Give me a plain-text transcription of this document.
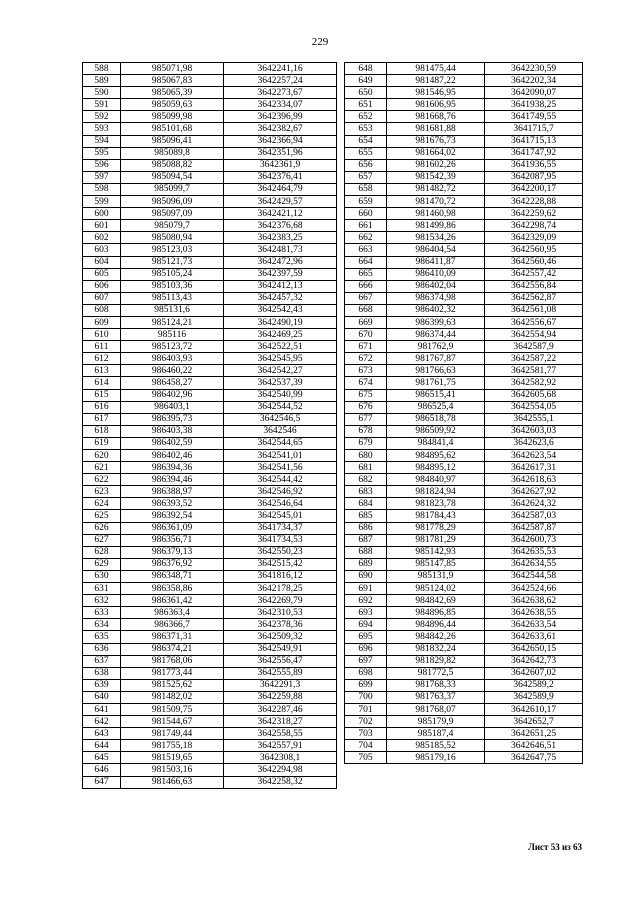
229
588	985071,98	3642241,16
589	985067,83	3642257,24
590	985065,39	3642273,67
591	985059,63	3642334,07
592	985099,98	3642396,99
593	985101,68	3642382,67
594	985096,41	3642366,94
595	985089,8	3642351,96
596	985088,82	3642361,9
597	985094,54	3642376,41
598	985099,7	3642464,79
599	985096,09	3642429,57
600	985097,09	3642421,12
601	985079,7	3642376,68
602	985080,94	3642383,25
603	985123,03	3642481,73
604	985121,73	3642472,96
605	985105,24	3642397,59
606	985103,36	3642412,13
607	985113,43	3642457,32
608	985131,6	3642542,43
609	985124,21	3642490,19
610	985116	3642469,25
611	985123,72	3642522,51
612	986403,93	3642545,95
613	986460,22	3642542,27
614	986458,27	3642537,39
615	986402,96	3642540,99
616	986403,1	3642544,52
617	986395,73	3642546,5
618	986403,38	3642546
619	986402,59	3642544,65
620	986402,46	3642541,01
621	986394,36	3642541,56
622	986394,46	3642544,42
623	986388,97	3642546,92
624	986393,52	3642546,64
625	986392,54	3642545,01
626	986361,09	3641734,37
627	986356,71	3641734,53
628	986379,13	3642550,23
629	986376,92	3642515,42
630	986348,71	3641816,12
631	986358,86	3642178,25
632	986361,42	3642269,79
633	986363,4	3642310,53
634	986366,7	3642378,36
635	986371,31	3642509,32
636	986374,21	3642549,91
637	981768,06	3642556,47
638	981773,44	3642555,89
639	981525,62	3642291,3
640	981482,02	3642259,88
641	981509,75	3642287,46
642	981544,67	3642318,27
643	981749,44	3642558,55
644	981755,18	3642557,91
645	981519,65	3642308,1
646	981503,16	3642294,98
647	981466,63	3642258,32
648	981475,44	3642230,59
649	981487,22	3642202,34
650	981546,95	3642090,07
651	981606,95	3641938,25
652	981668,76	3641749,55
653	981681,88	3641715,7
654	981676,73	3641715,13
655	981664,02	3641747,92
656	981602,26	3641936,55
657	981542,39	3642087,95
658	981482,72	3642200,17
659	981470,72	3642228,88
660	981460,98	3642259,62
661	981499,86	3642298,74
662	981534,26	3642329,09
663	986404,54	3642560,95
664	986411,87	3642560,46
665	986410,09	3642557,42
666	986402,04	3642556,84
667	986374,98	3642562,87
668	986402,32	3642561,08
669	986399,63	3642556,67
670	986374,44	3642554,94
671	981762,9	3642587,9
672	981767,87	3642587,22
673	981766,63	3642581,77
674	981761,75	3642582,92
675	986515,41	3642605,68
676	986525,4	3642554,05
677	986518,78	3642555,1
678	986509,92	3642603,03
679	984841,4	3642623,6
680	984895,62	3642623,54
681	984895,12	3642617,31
682	984840,97	3642618,63
683	981824,94	3642627,92
684	981823,78	3642624,32
685	981784,43	3642587,03
686	981778,29	3642587,87
687	981781,29	3642600,73
688	985142,93	3642635,53
689	985147,85	3642634,55
690	985131,9	3642544,58
691	985124,02	3642524,66
692	984842,69	3642638,62
693	984896,85	3642638,55
694	984896,44	3642633,54
695	984842,26	3642633,61
696	981832,24	3642650,15
697	981829,82	3642642,73
698	981772,5	3642607,02
699	981768,33	3642589,2
700	981763,37	3642589,9
701	981768,07	3642610,17
702	985179,9	3642652,7
703	985187,4	3642651,25
704	985185,52	3642646,51
705	985179,16	3642647,75
Лист 53 из 63
